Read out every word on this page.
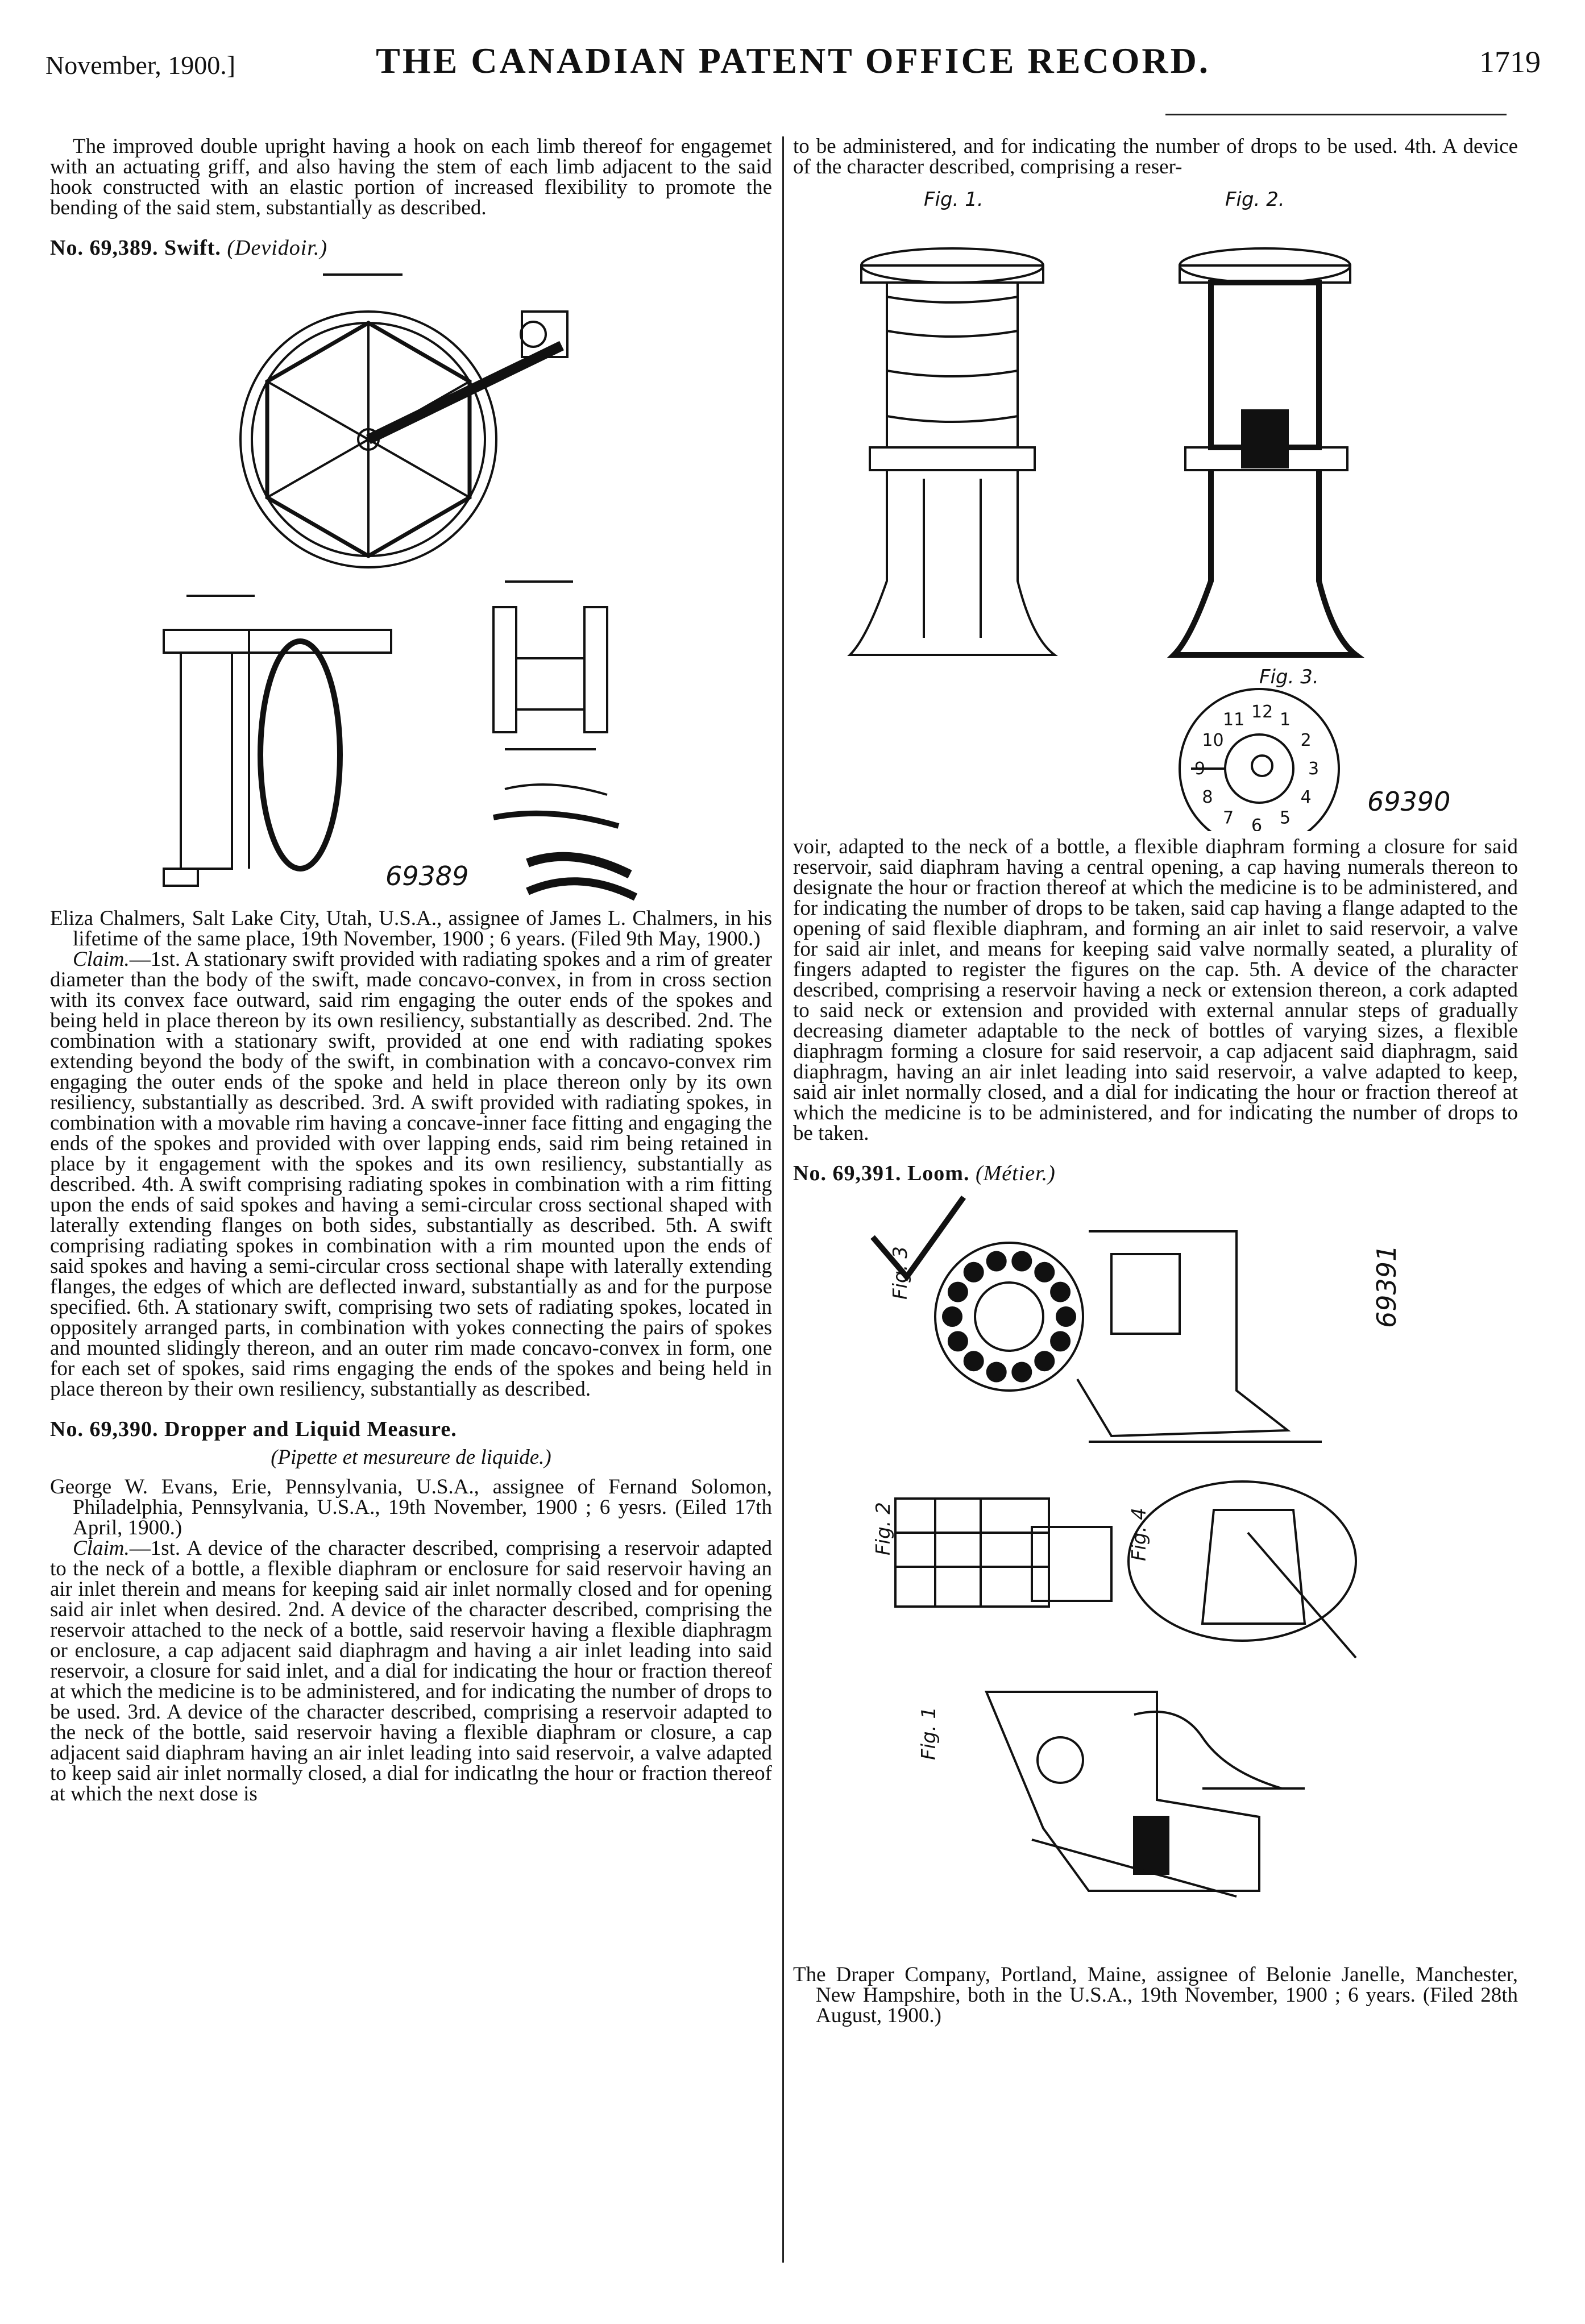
November, 1900.]	THE CANADIAN PATENT OFFICE RECORD.	1719

The improved double upright having a hook on each limb thereof for engagemet with an actuating griff, and also having the stem of each limb adjacent to the said hook constructed with an elastic portion of increased flexibility to promote the bending of the said stem, substantially as described.

No. 69,389. Swift. (Devidoir.)
69389

Eliza Chalmers, Salt Lake City, Utah, U.S.A., assignee of James L. Chalmers, in his lifetime of the same place, 19th November, 1900 ; 6 years. (Filed 9th May, 1900.)

Claim.—1st. A stationary swift provided with radiating spokes and a rim of greater diameter than the body of the swift, made concavo-convex, in from in cross section with its convex face outward, said rim engaging the outer ends of the spokes and being held in place thereon by its own resiliency, substantially as described. 2nd. The combination with a stationary swift, provided at one end with radiating spokes extending beyond the body of the swift, in combination with a concavo-convex rim engaging the outer ends of the spoke and held in place thereon only by its own resiliency, substantially as described. 3rd. A swift provided with radiating spokes, in combination with a movable rim having a concave-inner face fitting and engaging the ends of the spokes and provided with over lapping ends, said rim being retained in place by it engagement with the spokes and its own resiliency, substantially as described. 4th. A swift comprising radiating spokes in combination with a rim fitting upon the ends of said spokes and having a semi-circular cross sectional shaped with laterally extending flanges on both sides, substantially as described. 5th. A swift comprising radiating spokes in combination with a rim mounted upon the ends of said spokes and having a semi-circular cross sectional shape with laterally extending flanges, the edges of which are deflected inward, substantially as and for the purpose specified. 6th. A stationary swift, comprising two sets of radiating spokes, located in oppositely arranged parts, in combination with yokes connecting the pairs of spokes and mounted slidingly thereon, and an outer rim made concavo-convex in form, one for each set of spokes, said rims engaging the ends of the spokes and being held in place thereon by their own resiliency, substantially as described.

No. 69,390. Dropper and Liquid Measure.

(Pipette et mesureure de liquide.)

George W. Evans, Erie, Pennsylvania, U.S.A., assignee of Fernand Solomon, Philadelphia, Pennsylvania, U.S.A., 19th November, 1900 ; 6 yesrs. (Eiled 17th April, 1900.)

Claim.—1st. A device of the character described, comprising a reservoir adapted to the neck of a bottle, a flexible diaphram or enclosure for said reservoir having an air inlet therein and means for keeping said air inlet normally closed and for opening said air inlet when desired. 2nd. A device of the character described, comprising the reservoir attached to the neck of a bottle, said reservoir having a flexible diaphragm or enclosure, a cap adjacent said diaphragm and having a air inlet leading into said reservoir, a closure for said inlet, and a dial for indicating the hour or fraction thereof at which the medicine is to be administered, and for indicating the number of drops to be used. 3rd. A device of the character described, comprising a reservoir adapted to the neck of the bottle, said reservoir having a flexible diaphram or closure, a cap adjacent said diaphram having an air inlet leading into said reservoir, a valve adapted to keep said air inlet normally closed, a dial for indicatlng the hour or fraction thereof at which the next dose is

to be administered, and for indicating the number of drops to be used. 4th. A device of the character described, comprising a reser-

Fig. 1.	Fig. 2.
Fig. 3.
10
11 12 1
2
3
4
5
6
7
8
9
69390

voir, adapted to the neck of a bottle, a flexible diaphram forming a closure for said reservoir, said diaphram having a central opening, a cap having numerals thereon to designate the hour or fraction thereof at which the medicine is to be administered, and for indicating the number of drops to be taken, said cap having a flange adapted to the opening of said flexible diaphram, and forming an air inlet to said reservoir, a valve for said air inlet, and means for keeping said valve normally seated, a plurality of fingers adapted to register the figures on the cap. 5th. A device of the character described, comprising a reservoir having a neck or extension thereon, a cork adapted to said neck or extension and provided with external annular steps of gradually decreasing diameter adaptable to the neck of bottles of varying sizes, a flexible diaphragm forming a closure for said reservoir, a cap adjacent said diaphragm, said diaphragm, having an air inlet leading into said reservoir, a valve adapted to keep, said air inlet normally closed, and a dial for indicating the hour or fraction thereof at which the medicine is to be administered, and for indicating the number of drops to be taken.

No. 69,391. Loom. (Métier.)
Fig. 3
Fig. 2	Fig. 4
Fig. 1
69391

The Draper Company, Portland, Maine, assignee of Belonie Janelle, Manchester, New Hampshire, both in the U.S.A., 19th November, 1900 ; 6 years. (Filed 28th August, 1900.)
